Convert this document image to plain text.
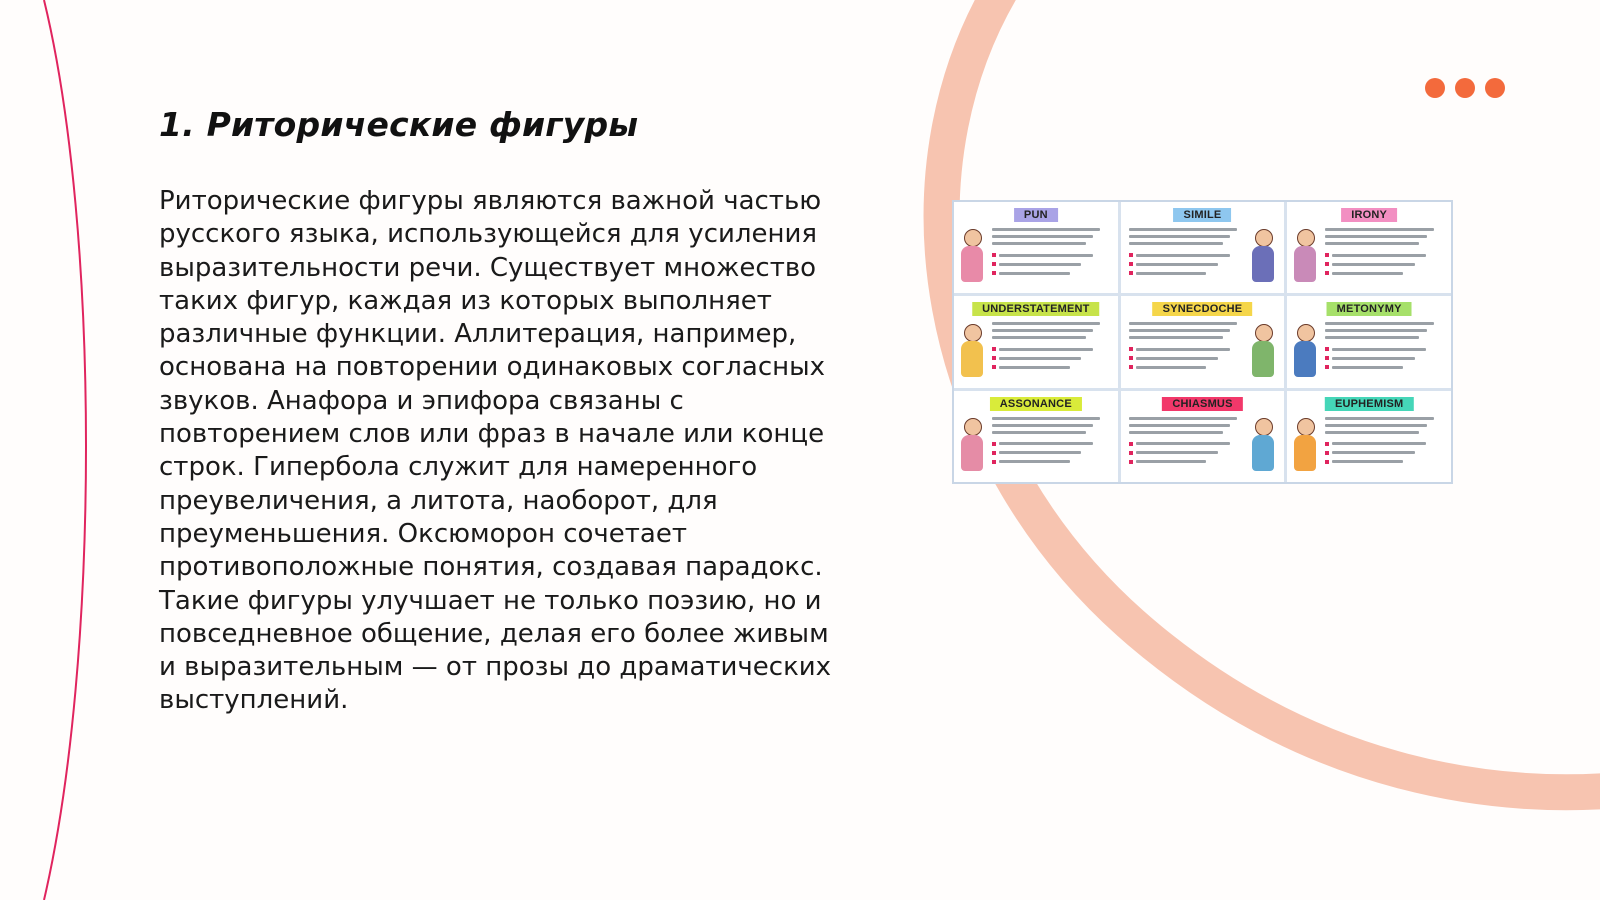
1. Риторические фигуры

Риторические фигуры являются важной частью русского языка, использующейся для усиления выразительности речи. Существует множество таких фигур, каждая из которых выполняет различные функции. Аллитерация, например, основана на повторении одинаковых согласных звуков. Анафора и эпифора связаны с повторением слов или фраз в начале или конце строк. Гипербола служит для намеренного преувеличения, а литота, наоборот, для преуменьшения. Оксюморон сочетает противоположные понятия, создавая парадокс. Такие фигуры улучшает не только поэзию, но и повседневное общение, делая его более живым и выразительным — от прозы до драматических выступлений.

PUN	SIMILE	IRONY
UNDERSTATEMENT	SYNECDOCHE	METONYMY
ASSONANCE	CHIASMUS	EUPHEMISM
